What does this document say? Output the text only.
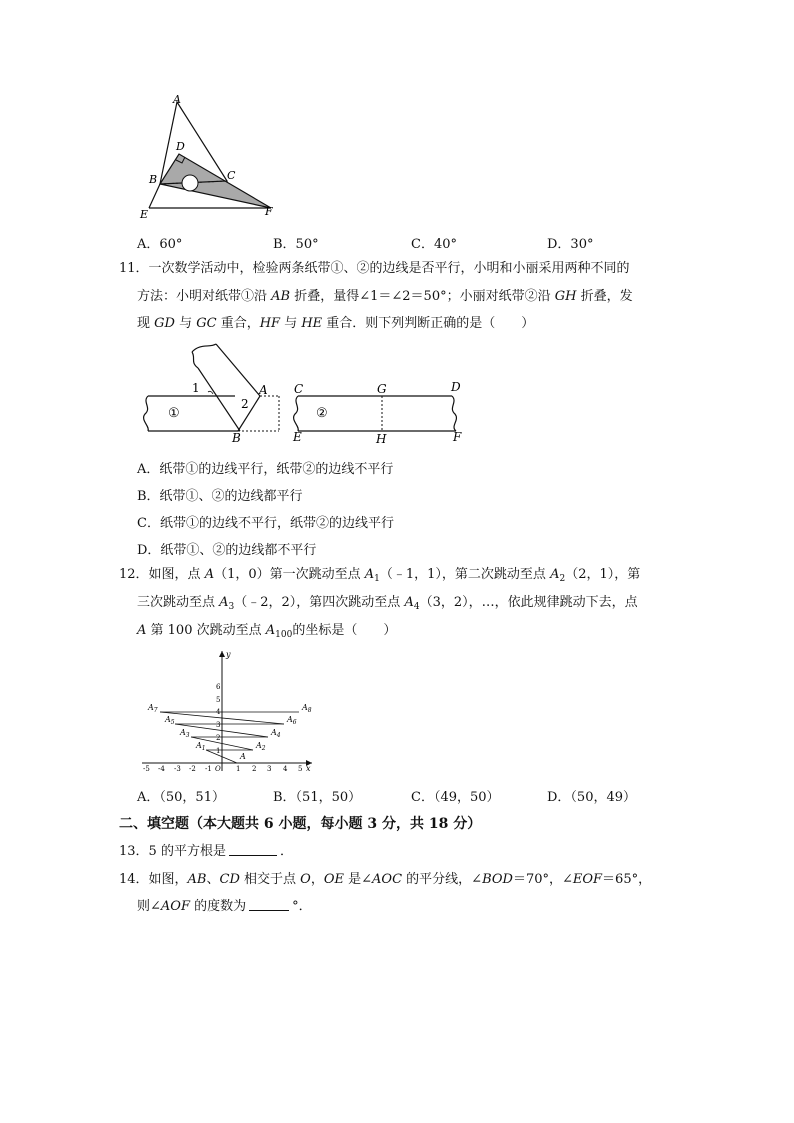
A
D
B	C
E	F
A．60°	B．50°	C．40°	D．30°
11．一次数学活动中，检验两条纸带①、②的边线是否平行，小明和小丽采用两种不同的
方法：小明对纸带①沿 AB 折叠，量得∠1＝∠2＝50°；小丽对纸带②沿 GH 折叠，发
现 GD 与 GC 重合，HF 与 HE 重合．则下列判断正确的是（　　）
1	A
2
B
①
C	G	D
②
E	H	F
A．纸带①的边线平行，纸带②的边线不平行
B．纸带①、②的边线都平行
C．纸带①的边线不平行，纸带②的边线平行
D．纸带①、②的边线都不平行
12．如图，点 A（1，0）第一次跳动至点 $A_1(﹣1$，1），第二次跳动至点 $A_2(2$，1），第
三次跳动至点 $A_3(﹣2$，2），第四次跳动至点 $A_4(3$，2），…，依此规律跳动下去，点
A 第 100 次跳动至点 $A_{100}$的坐标是（　　）
x
y
-5 -4 -3 -2 -1 O 1 2 3 4 5
1
2
3
4
5
6
A
$A_1$	$A_2$
$A_3$	$A_4$
$A_5$	$A_6$
$A_7$	$A_8$
A．（50，51）	B．（51，50）	C．（49，50）	D．（50，49）
二、填空题（本大题共 6 小题，每小题 3 分，共 18 分）
13．5 的平方根是	．
14．如图，AB、CD 相交于点 O，OE 是∠AOC 的平分线，∠BOD＝70°，∠EOF＝65°，
则∠AOF 的度数为	°．
